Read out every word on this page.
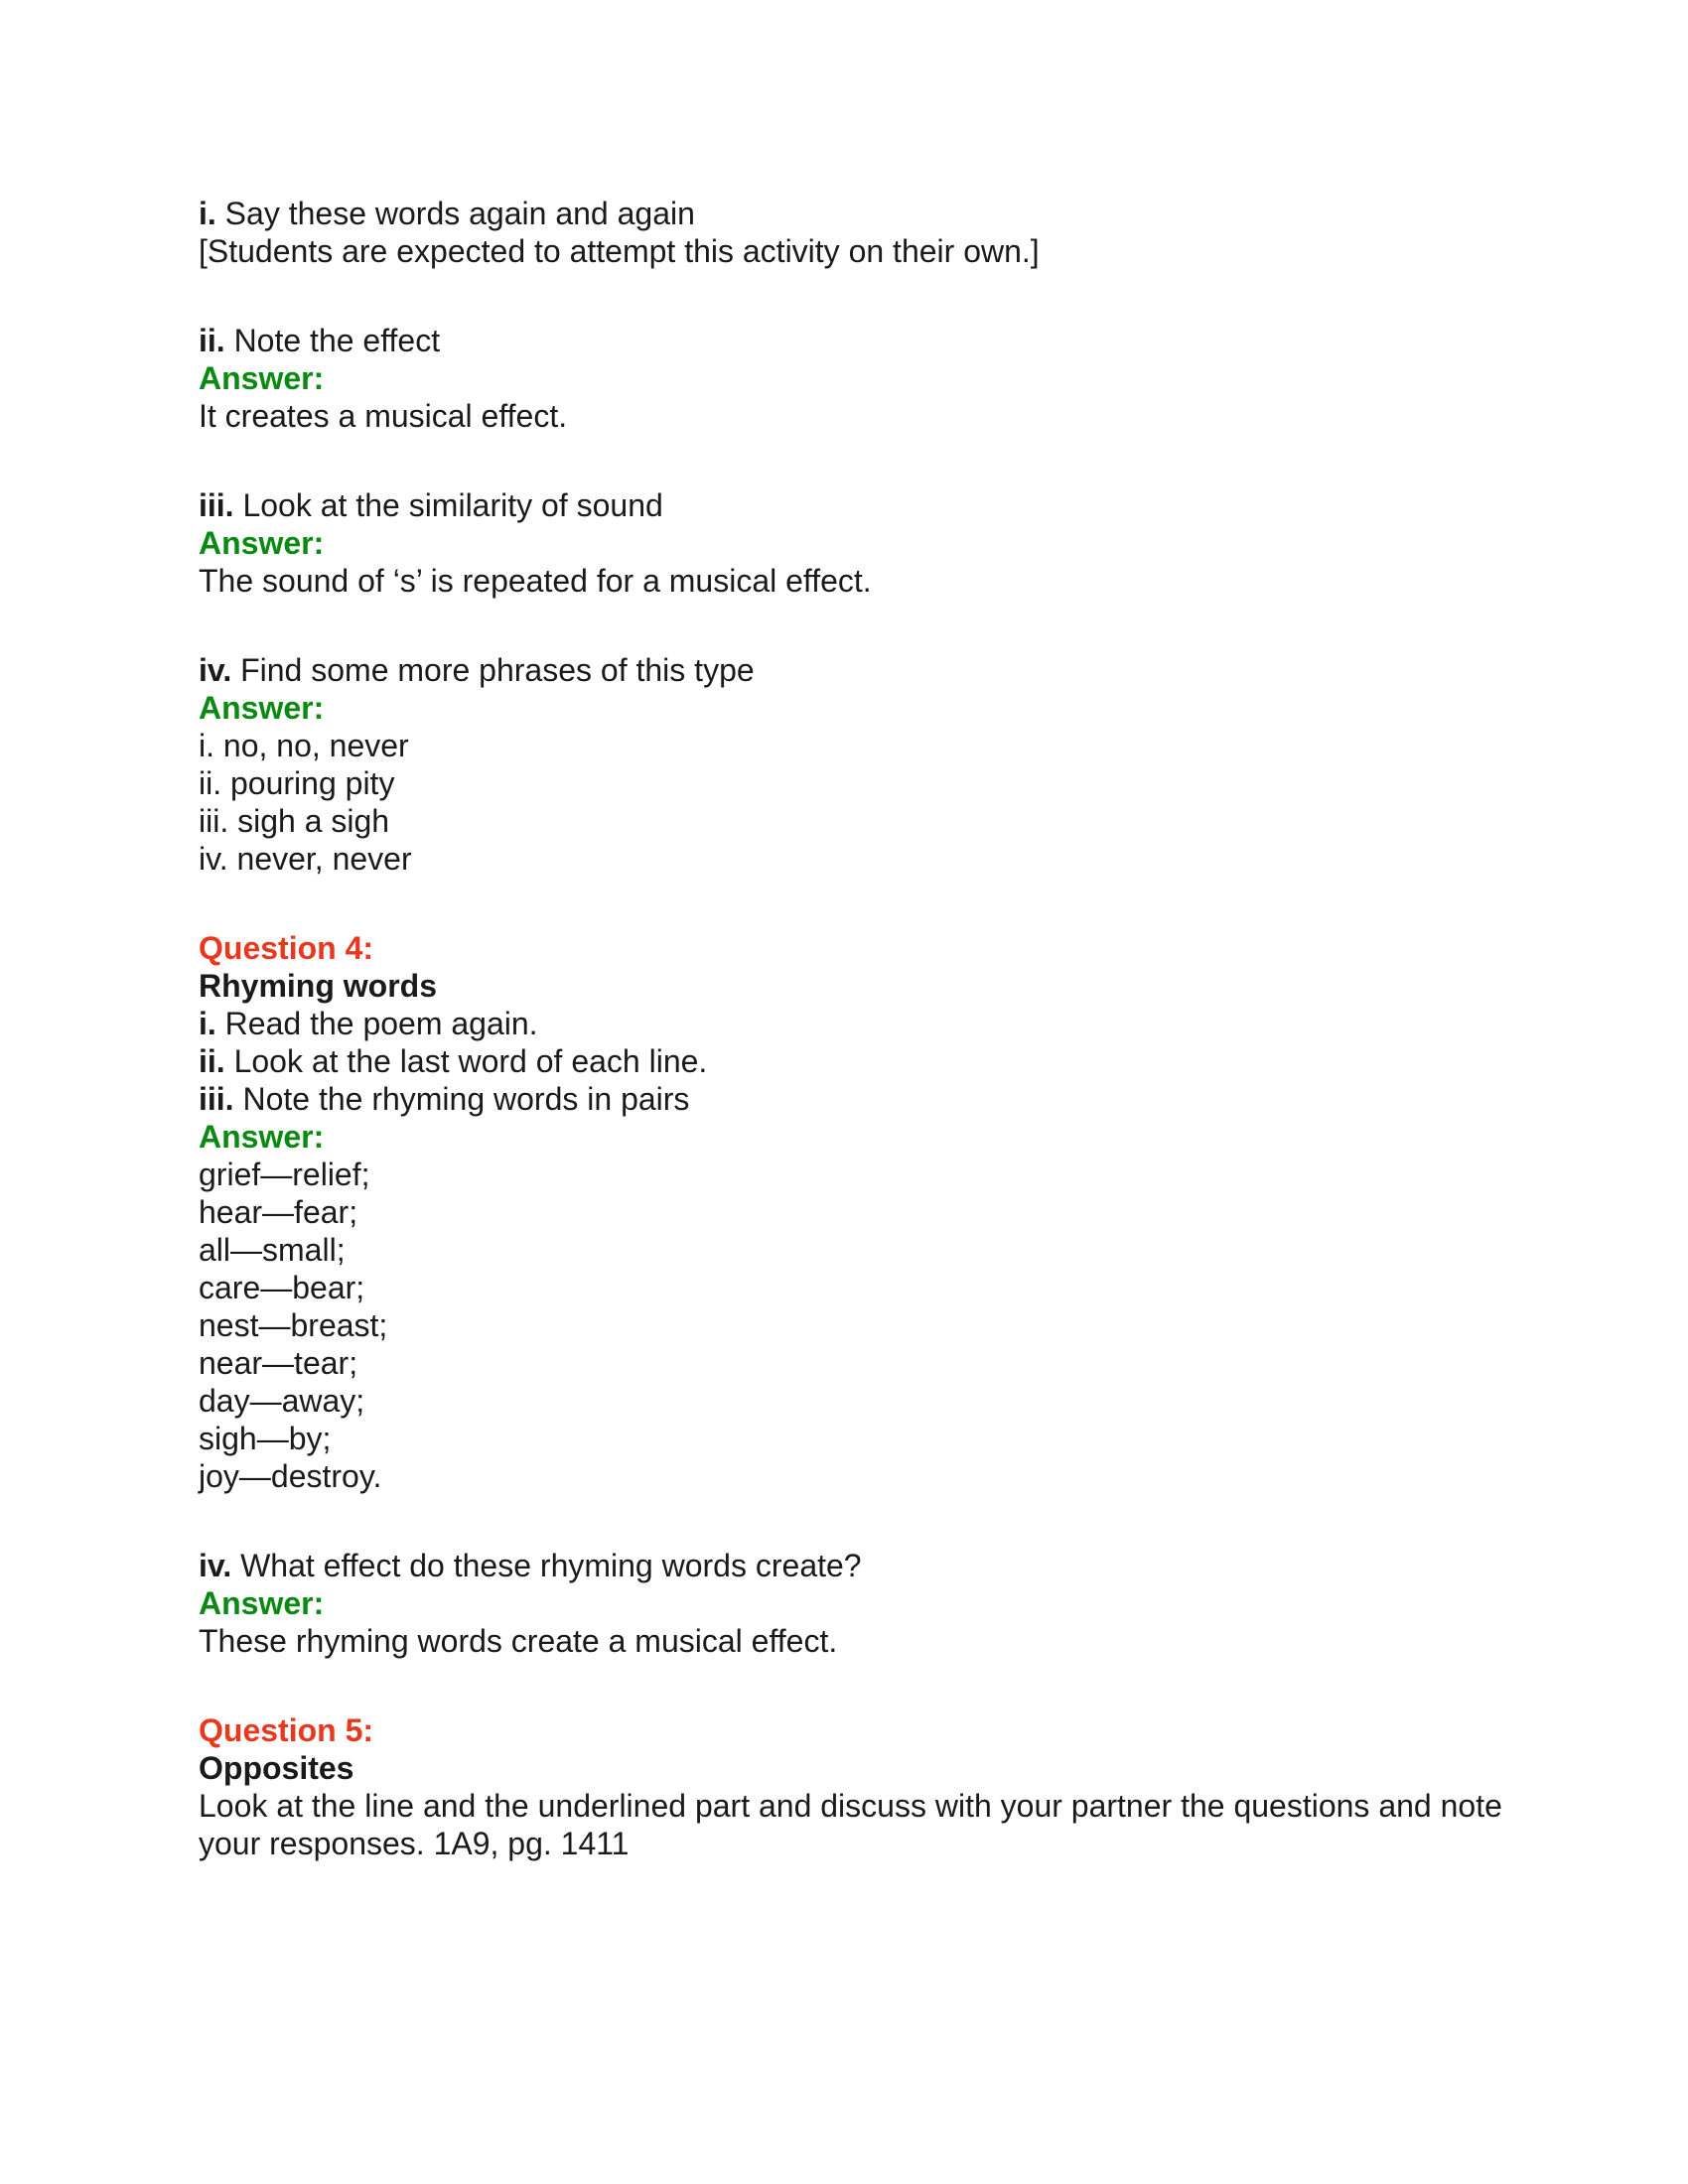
i. Say these words again and again
[Students are expected to attempt this activity on their own.]
ii. Note the effect
Answer:
It creates a musical effect.
iii. Look at the similarity of sound
Answer:
The sound of ‘s’ is repeated for a musical effect.
iv. Find some more phrases of this type
Answer:
i. no, no, never
ii. pouring pity
iii. sigh a sigh
iv. never, never
Question 4:
Rhyming words
i. Read the poem again.
ii. Look at the last word of each line.
iii. Note the rhyming words in pairs
Answer:
grief—relief;
hear—fear;
all—small;
care—bear;
nest—breast;
near—tear;
day—away;
sigh—by;
joy—destroy.
iv. What effect do these rhyming words create?
Answer:
These rhyming words create a musical effect.
Question 5:
Opposites
Look at the line and the underlined part and discuss with your partner the questions and note your responses. 1A9, pg. 1411
